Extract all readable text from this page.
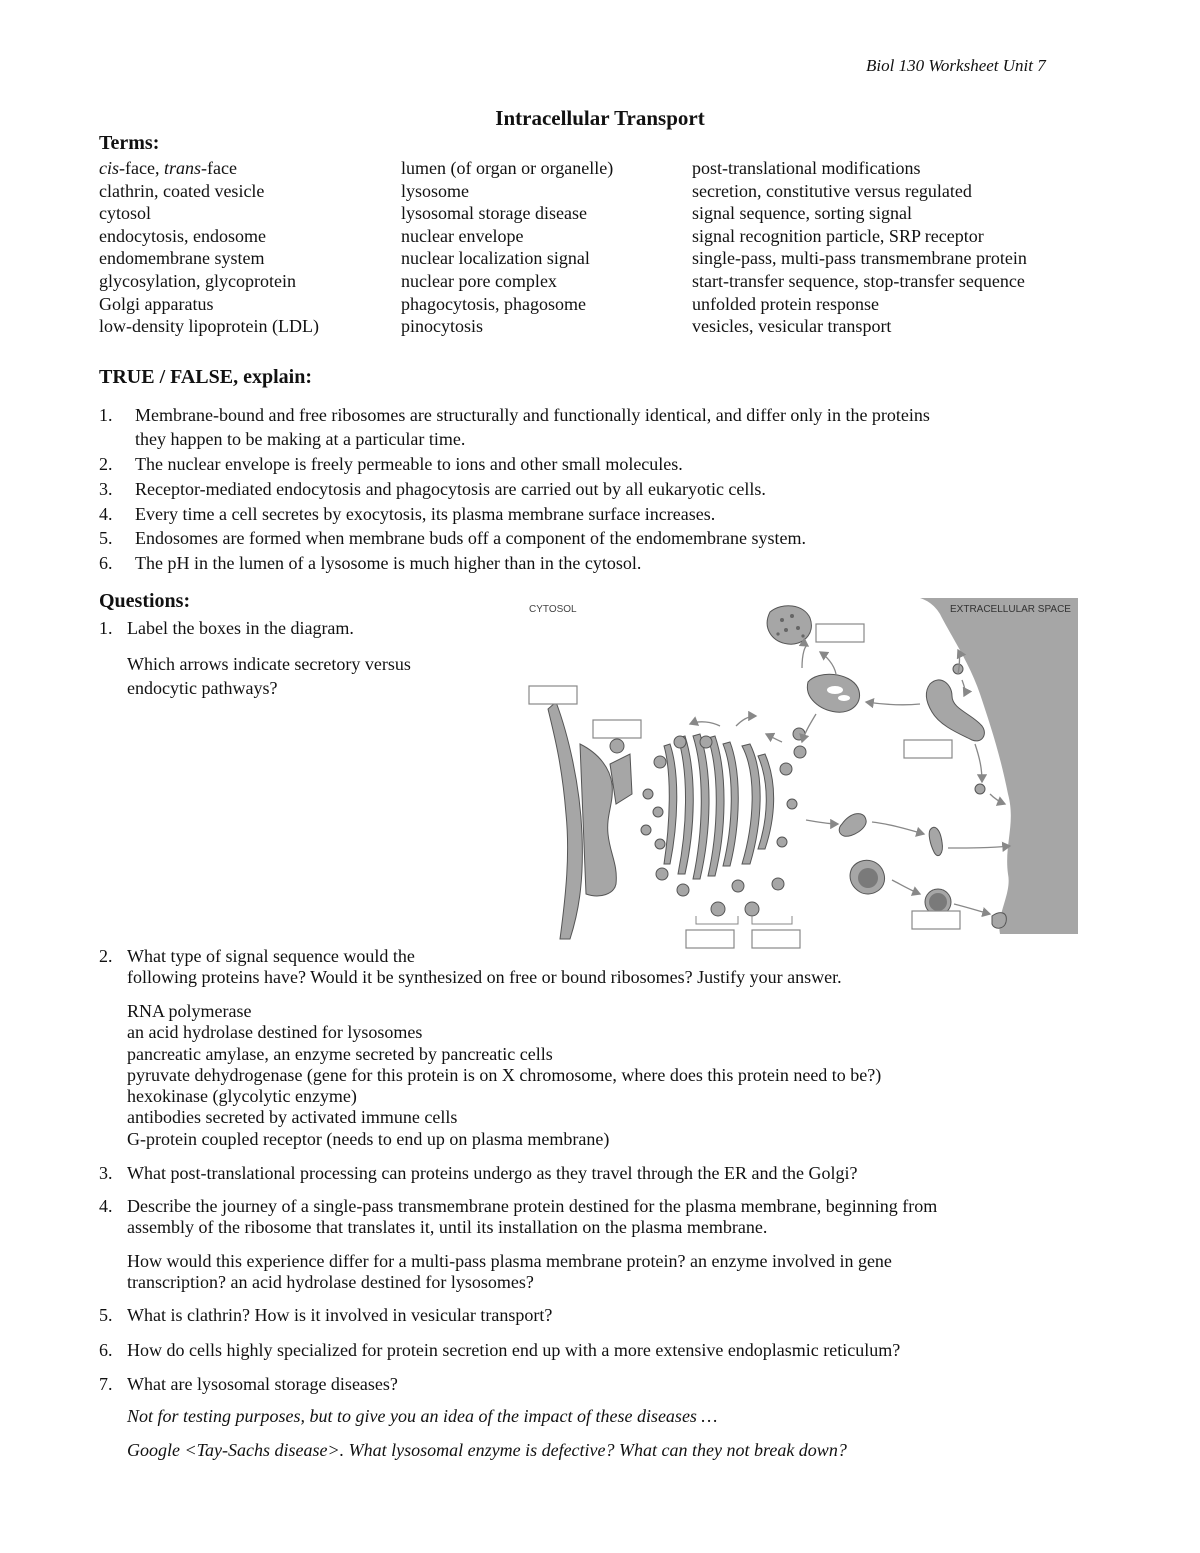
Biol 130 Worksheet Unit 7
Intracellular Transport
Terms:
cis-face, trans-face
clathrin, coated vesicle
cytosol
endocytosis, endosome
endomembrane system
glycosylation, glycoprotein
Golgi apparatus
low-density lipoprotein (LDL)
lumen (of organ or organelle)
lysosome
lysosomal storage disease
nuclear envelope
nuclear localization signal
nuclear pore complex
phagocytosis, phagosome
pinocytosis
post-translational modifications
secretion, constitutive versus regulated
signal sequence, sorting signal
signal recognition particle, SRP receptor
single-pass, multi-pass transmembrane protein
start-transfer sequence, stop-transfer sequence
unfolded protein response
vesicles, vesicular transport
TRUE / FALSE, explain:
1. Membrane-bound and free ribosomes are structurally and functionally identical, and differ only in the proteins
they happen to be making at a particular time.
2. The nuclear envelope is freely permeable to ions and other small molecules.
3. Receptor-mediated endocytosis and phagocytosis are carried out by all eukaryotic cells.
4. Every time a cell secretes by exocytosis, its plasma membrane surface increases.
5. Endosomes are formed when membrane buds off a component of the endomembrane system.
6. The pH in the lumen of a lysosome is much higher than in the cytosol.
Questions:
1. Label the boxes in the diagram.
Which arrows indicate secretory versus
endocytic pathways?
2. What type of signal sequence would the
following proteins have? Would it be synthesized on free or bound ribosomes? Justify your answer.
RNA polymerase
an acid hydrolase destined for lysosomes
pancreatic amylase, an enzyme secreted by pancreatic cells
pyruvate dehydrogenase (gene for this protein is on X chromosome, where does this protein need to be?)
hexokinase (glycolytic enzyme)
antibodies secreted by activated immune cells
G-protein coupled receptor (needs to end up on plasma membrane)
3. What post-translational processing can proteins undergo as they travel through the ER and the Golgi?
4. Describe the journey of a single-pass transmembrane protein destined for the plasma membrane, beginning from
assembly of the ribosome that translates it, until its installation on the plasma membrane.
How would this experience differ for a multi-pass plasma membrane protein? an enzyme involved in gene
transcription? an acid hydrolase destined for lysosomes?
5. What is clathrin? How is it involved in vesicular transport?
6. How do cells highly specialized for protein secretion end up with a more extensive endoplasmic reticulum?
7. What are lysosomal storage diseases?
Not for testing purposes, but to give you an idea of the impact of these diseases …
Google <Tay-Sachs disease>. What lysosomal enzyme is defective? What can they not break down?
CYTOSOL	EXTRACELLULAR SPACE
